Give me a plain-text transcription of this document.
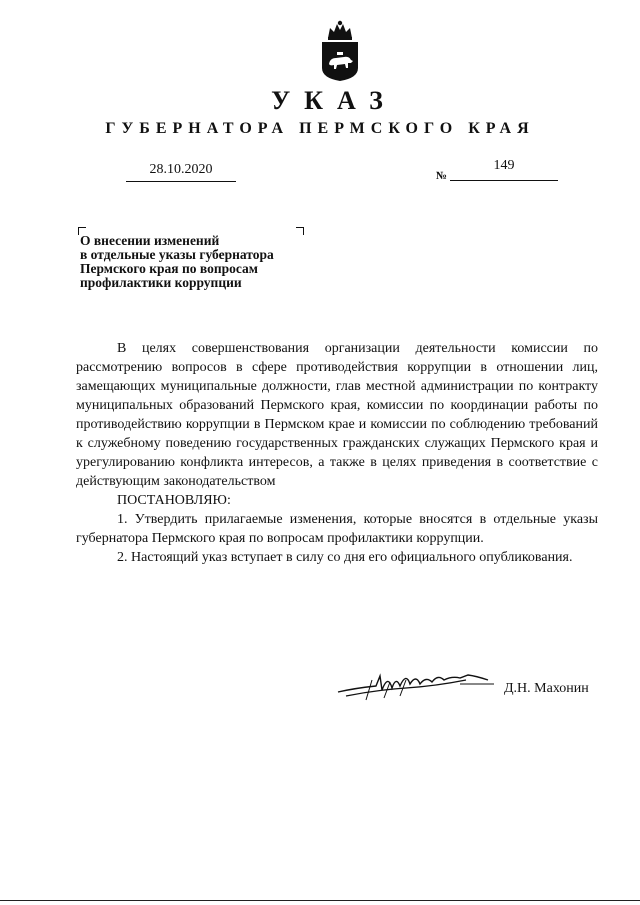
УКАЗ
ГУБЕРНАТОРА ПЕРМСКОГО КРАЯ
28.10.2020	№
149
О внесении изменений
в отдельные указы губернатора
Пермского края по вопросам
профилактики коррупции

В целях совершенствования организации деятельности комиссии по рассмотрению вопросов в сфере противодействия коррупции в отношении лиц, замещающих муниципальные должности, глав местной администрации по контракту муниципальных образований Пермского края, комиссии по координации работы по противодействию коррупции в Пермском крае и комиссии по соблюдению требований к служебному поведению государственных гражданских служащих Пермского края и урегулированию конфликта интересов, а также в целях приведения в соответствие с действующим законодательством

ПОСТАНОВЛЯЮ:

1. Утвердить прилагаемые изменения, которые вносятся в отдельные указы губернатора Пермского края по вопросам профилактики коррупции.

2. Настоящий указ вступает в силу со дня его официального опубликования.

Д.Н. Махонин
